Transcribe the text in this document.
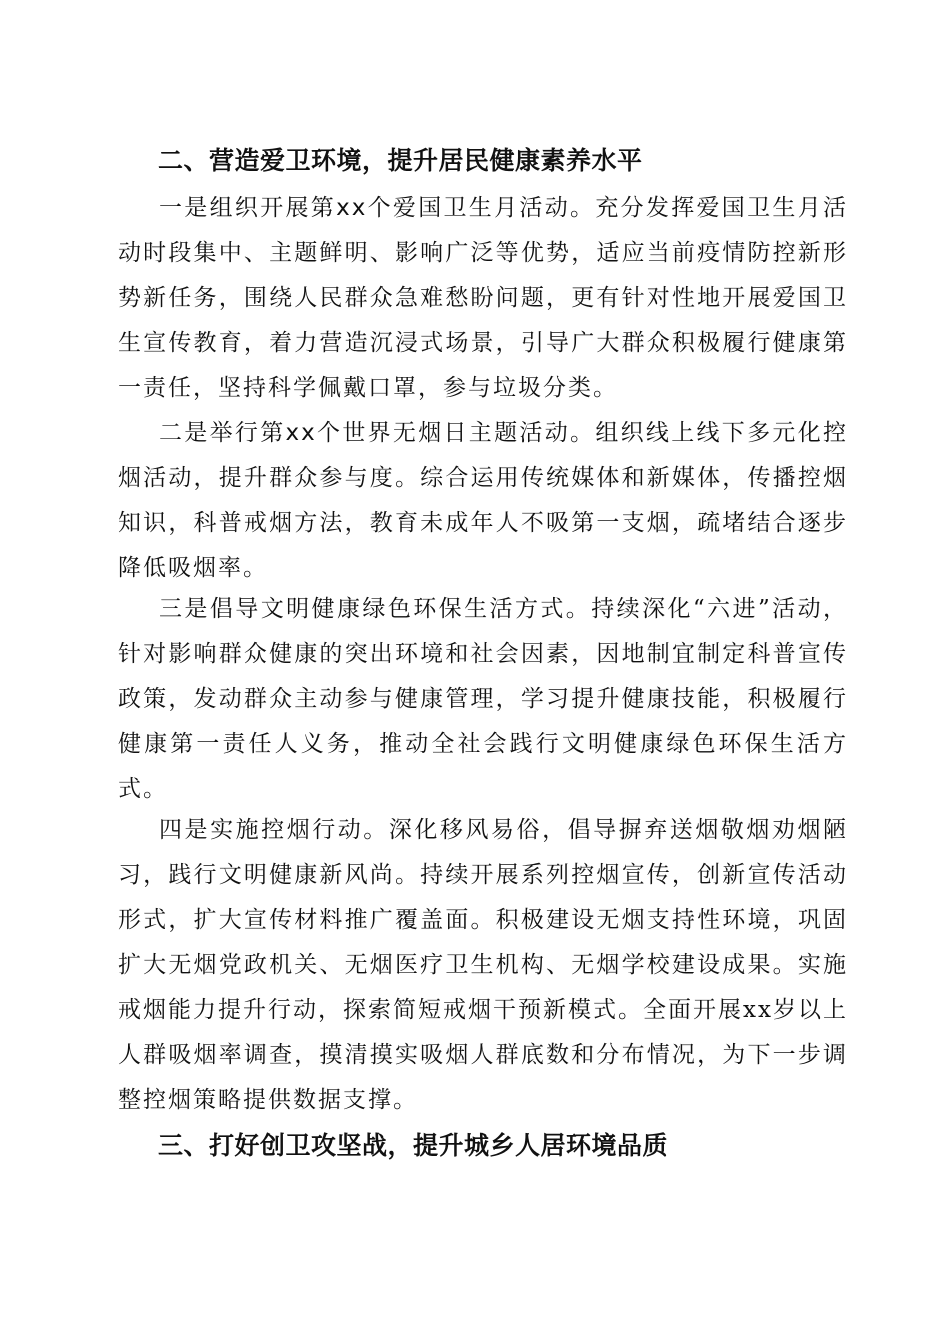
二、营造爱卫环境，提升居民健康素养水平
一是组织开展第xx个爱国卫生月活动。充分发挥爱国卫生月活动时段集中、主题鲜明、影响广泛等优势，适应当前疫情防控新形势新任务，围绕人民群众急难愁盼问题，更有针对性地开展爱国卫生宣传教育，着力营造沉浸式场景，引导广大群众积极履行健康第一责任，坚持科学佩戴口罩，参与垃圾分类。
二是举行第xx个世界无烟日主题活动。组织线上线下多元化控烟活动，提升群众参与度。综合运用传统媒体和新媒体，传播控烟知识，科普戒烟方法，教育未成年人不吸第一支烟，疏堵结合逐步降低吸烟率。
三是倡导文明健康绿色环保生活方式。持续深化“六进”活动，针对影响群众健康的突出环境和社会因素，因地制宜制定科普宣传政策，发动群众主动参与健康管理，学习提升健康技能，积极履行健康第一责任人义务，推动全社会践行文明健康绿色环保生活方式。
四是实施控烟行动。深化移风易俗，倡导摒弃送烟敬烟劝烟陋习，践行文明健康新风尚。持续开展系列控烟宣传，创新宣传活动形式，扩大宣传材料推广覆盖面。积极建设无烟支持性环境，巩固扩大无烟党政机关、无烟医疗卫生机构、无烟学校建设成果。实施戒烟能力提升行动，探索简短戒烟干预新模式。全面开展xx岁以上人群吸烟率调查，摸清摸实吸烟人群底数和分布情况，为下一步调整控烟策略提供数据支撑。
三、打好创卫攻坚战，提升城乡人居环境品质
